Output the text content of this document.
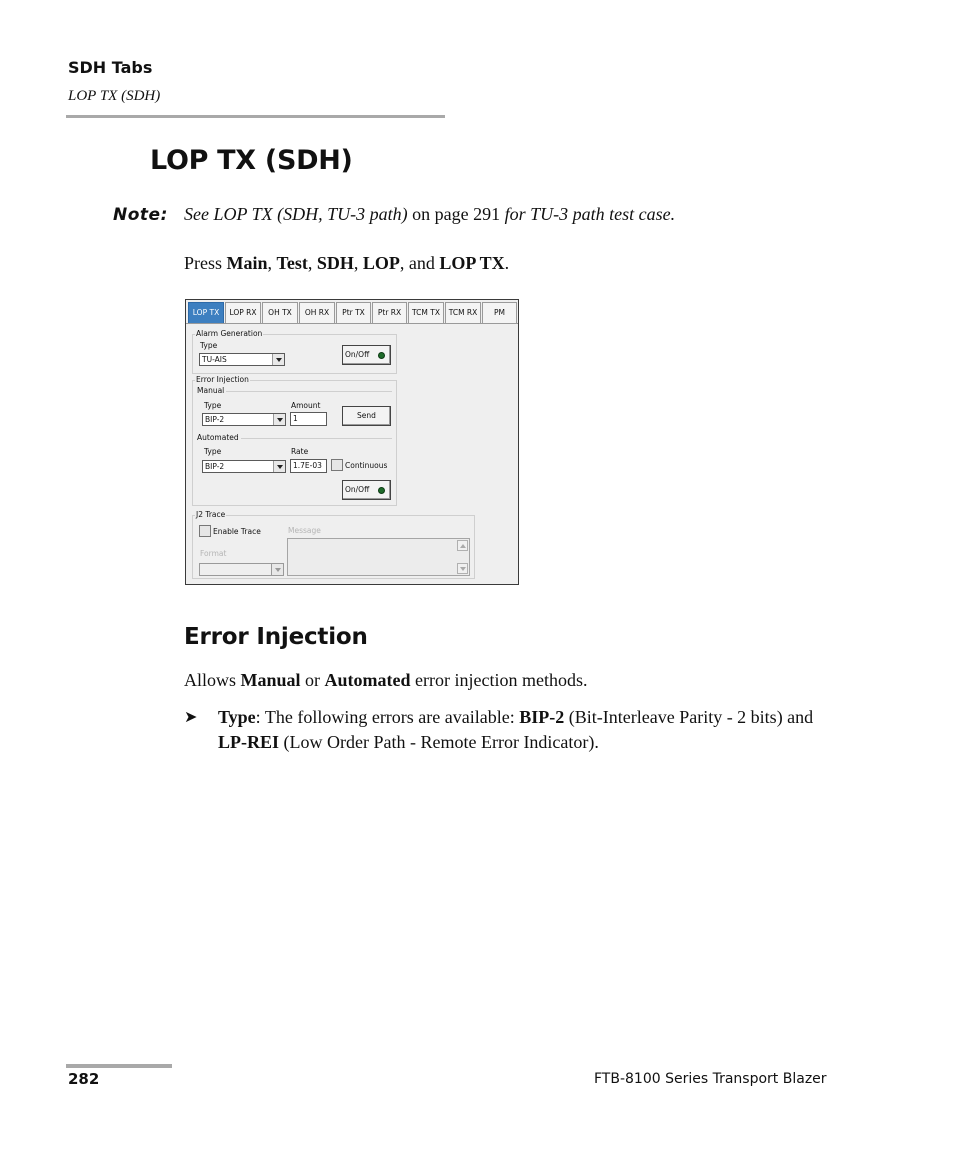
SDH Tabs
LOP TX (SDH)
LOP TX (SDH)
Note: See LOP TX (SDH, TU-3 path) on page 291 for TU-3 path test case.
Press Main, Test, SDH, LOP, and LOP TX.
LOP TX	LOP RX	OH TX	OH RX	Ptr TX	Ptr RX	TCM TX	TCM RX	PM
Alarm Generation
Type
TU-AIS
On/Off
Error Injection
Manual
Type
BIP-2
Amount
1	Send
Automated
Type
BIP-2
Rate
1.7E-03	Continuous
On/Off
J2 Trace
Enable Trace	Message
Format
Error Injection
Allows Manual or Automated error injection methods.
➤ Type: The following errors are available: BIP-2 (Bit-Interleave Parity - 2 bits) and LP-REI (Low Order Path - Remote Error Indicator).
282	FTB-8100 Series Transport Blazer
